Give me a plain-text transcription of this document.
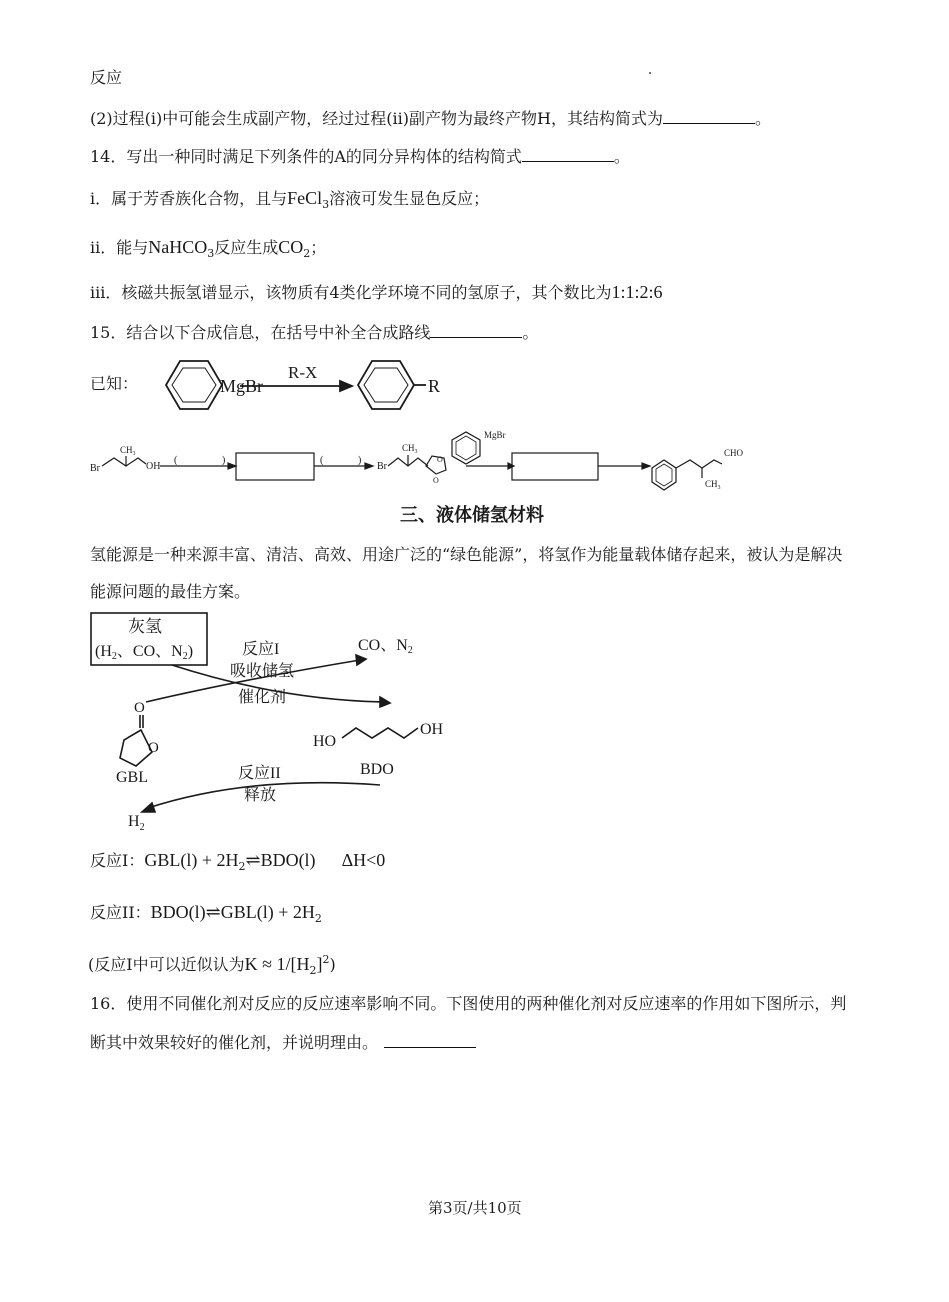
反应
(2)过程(i)中可能会生成副产物，经过过程(ii)副产物为最终产物H，其结构简式为	。
14．写出一种同时满足下列条件的A的同分异构体的结构简式	。
i．属于芳香族化合物，且与FeCl$_3$溶液可发生显色反应；
ii．能与NaHCO$_3$反应生成$CO_2$；
iii．核磁共振氢谱显示，该物质有4类化学环境不同的氢原子，其个数比为1:1:2:6
15．结合以下合成信息，在括号中补全合成路线	。
已知：	MgBr
R-X
R
Br
$CH_3$
OH
(	)	(	)
Br
$CH_3$
O
O
MgBr
CHO
$CH_3$
灰氢
(H2、CO、N2)	反应I
吸收储氢
催化剂
CO、N2
O
O
GBL
HO
OH
BDO
反应II
释放
$H_2$
三、液体储氢材料
氢能源是一种来源丰富、清洁、高效、用途广泛的“绿色能源”，将氢作为能量载体储存起来，被认为是解决
能源问题的最佳方案。
反应I：$GBL(l) + 2H_2\rightleftharpoons BDO(l)$ ΔH<0
反应II：BDO(l)⇌GBL(l) + $2H_2$
(反应I中可以近似认为$K \approx 1/[H_2]^2$)
16．使用不同催化剂对反应的反应速率影响不同。下图使用的两种催化剂对反应速率的作用如下图所示，判
断其中效果较好的催化剂，并说明理由。
第3页/共10页
